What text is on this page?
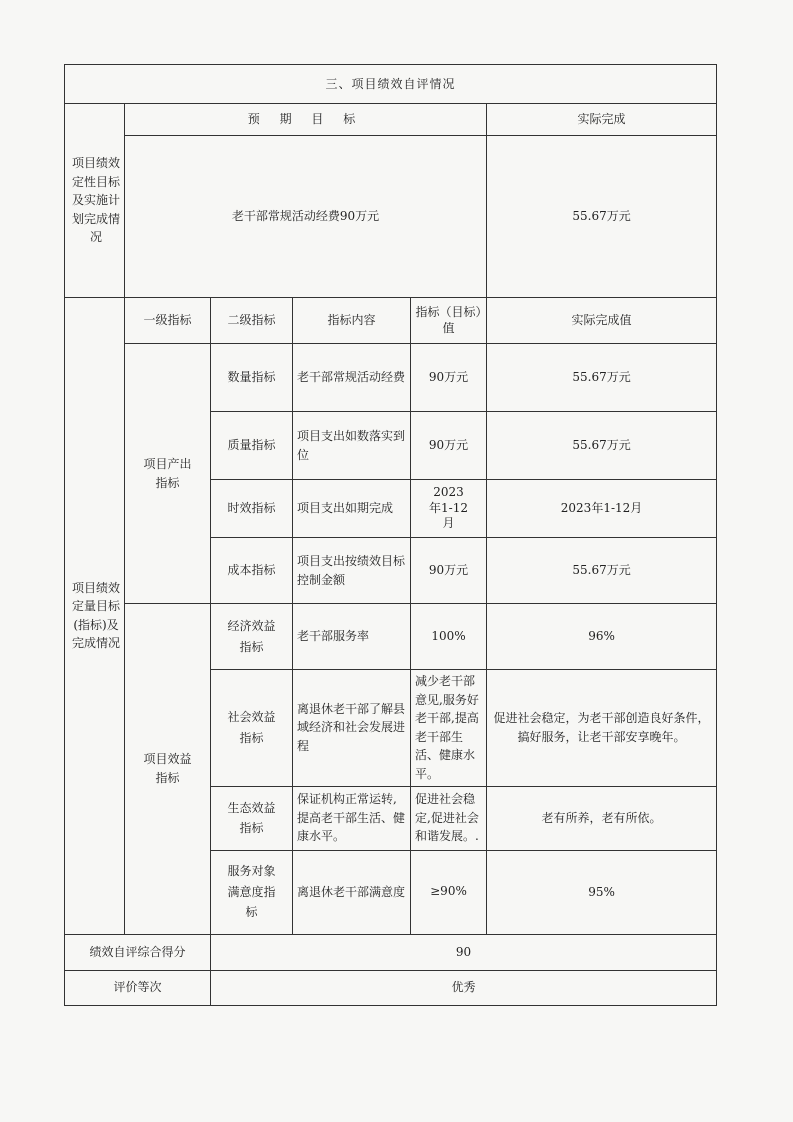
三、项目绩效自评情况					
项目绩效定性目标及实施计划完成情况	预 期 目 标				实际完成
	老干部常规活动经费90万元				55.67万元
项目绩效定量目标(指标)及完成情况	一级指标	二级指标	指标内容	指标（目标）值	实际完成值
	项目产出指标	数量指标	老干部常规活动经费	90万元	55.67万元
		质量指标	项目支出如数落实到位	90万元	55.67万元
		时效指标	项目支出如期完成	2023年1-12月	2023年1-12月
		成本指标	项目支出按绩效目标控制金额	90万元	55.67万元
	项目效益指标	经济效益指标	老干部服务率	100%	96%
		社会效益指标	离退休老干部了解县域经济和社会发展进程	减少老干部意见,服务好老干部,提高老干部生活、健康水平。	促进社会稳定，为老干部创造良好条件，搞好服务，让老干部安享晚年。
		生态效益指标	保证机构正常运转,提高老干部生活、健康水平。	促进社会稳定,促进社会和谐发展。.	老有所养，老有所依。
		服务对象满意度指标	离退休老干部满意度	≥90%	95%
绩效自评综合得分		90			
评价等次		优秀			
